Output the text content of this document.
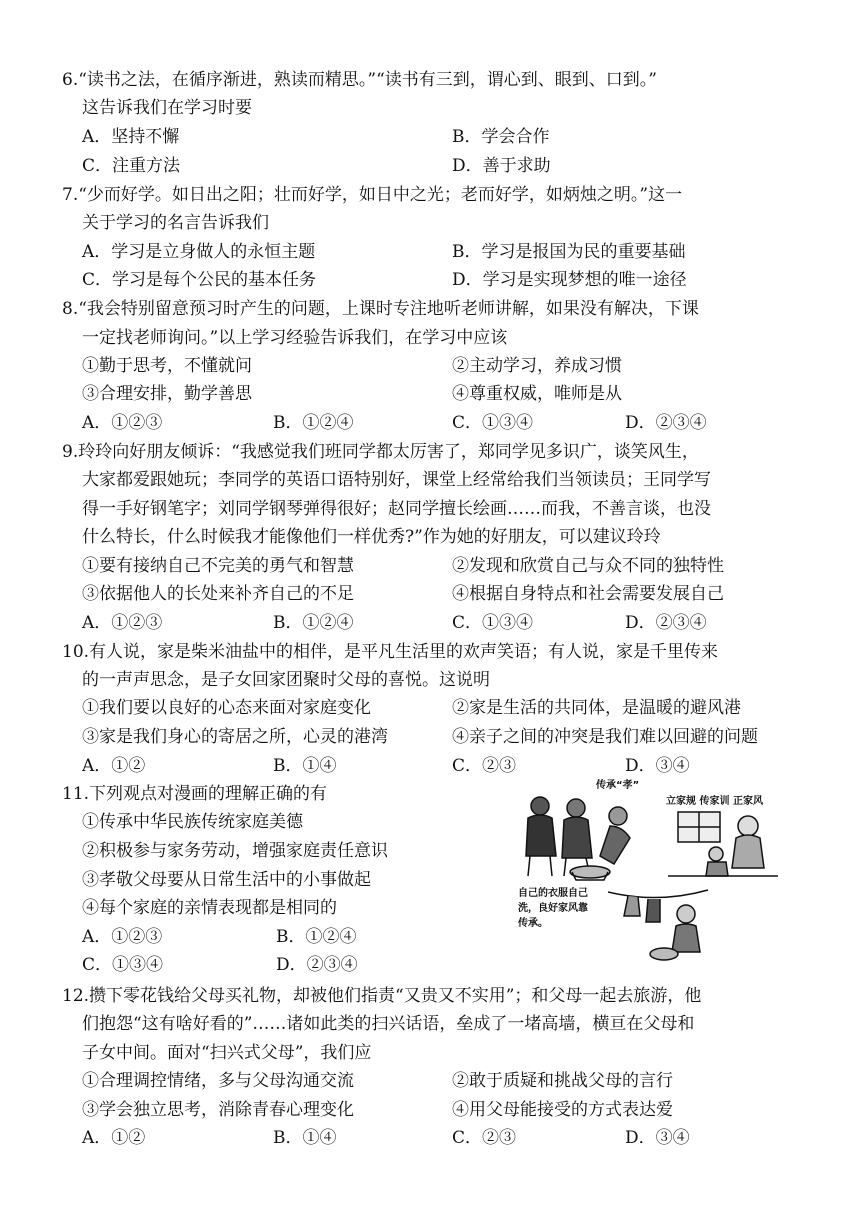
6.“读书之法，在循序渐进，熟读而精思。”“读书有三到，谓心到、眼到、口到。”
这告诉我们在学习时要
A．坚持不懈	B．学会合作
C．注重方法	D．善于求助
7.“少而好学。如日出之阳；壮而好学，如日中之光；老而好学，如炳烛之明。”这一
关于学习的名言告诉我们
A．学习是立身做人的永恒主题	B．学习是报国为民的重要基础
C．学习是每个公民的基本任务	D．学习是实现梦想的唯一途径
8.“我会特别留意预习时产生的问题，上课时专注地听老师讲解，如果没有解决，下课
一定找老师询问。”以上学习经验告诉我们，在学习中应该
①勤于思考，不懂就问	②主动学习，养成习惯
③合理安排，勤学善思	④尊重权威，唯师是从
A．①②③	B．①②④	C．①③④	D．②③④
9.玲玲向好朋友倾诉：“我感觉我们班同学都太厉害了，郑同学见多识广，谈笑风生，
大家都爱跟她玩；李同学的英语口语特别好，课堂上经常给我们当领读员；王同学写
得一手好钢笔字；刘同学钢琴弹得很好；赵同学擅长绘画……而我，不善言谈，也没
什么特长，什么时候我才能像他们一样优秀?”作为她的好朋友，可以建议玲玲
①要有接纳自己不完美的勇气和智慧	②发现和欣赏自己与众不同的独特性
③依据他人的长处来补齐自己的不足	④根据自身特点和社会需要发展自己
A．①②③	B．①②④	C．①③④	D．②③④
10.有人说，家是柴米油盐中的相伴，是平凡生活里的欢声笑语；有人说，家是千里传来
的一声声思念，是子女回家团聚时父母的喜悦。这说明
①我们要以良好的心态来面对家庭变化	②家是生活的共同体，是温暖的避风港
③家是我们身心的寄居之所，心灵的港湾	④亲子之间的冲突是我们难以回避的问题
A．①②	B．①④	C．②③	D．③④
11.下列观点对漫画的理解正确的有
①传承中华民族传统家庭美德
②积极参与家务劳动，增强家庭责任意识
③孝敬父母要从日常生活中的小事做起
④每个家庭的亲情表现都是相同的
A．①②③	B．①②④
C．①③④	D．②③④
传承“孝”
立家规 传家训 正家风
自己的衣服自己
洗，良好家风靠
传承。
12.攒下零花钱给父母买礼物，却被他们指责“又贵又不实用”；和父母一起去旅游，他
们抱怨“这有啥好看的”……诸如此类的扫兴话语，垒成了一堵高墙，横亘在父母和
子女中间。面对“扫兴式父母”，我们应
①合理调控情绪，多与父母沟通交流	②敢于质疑和挑战父母的言行
③学会独立思考，消除青春心理变化	④用父母能接受的方式表达爱
A．①②	B．①④	C．②③	D．③④
